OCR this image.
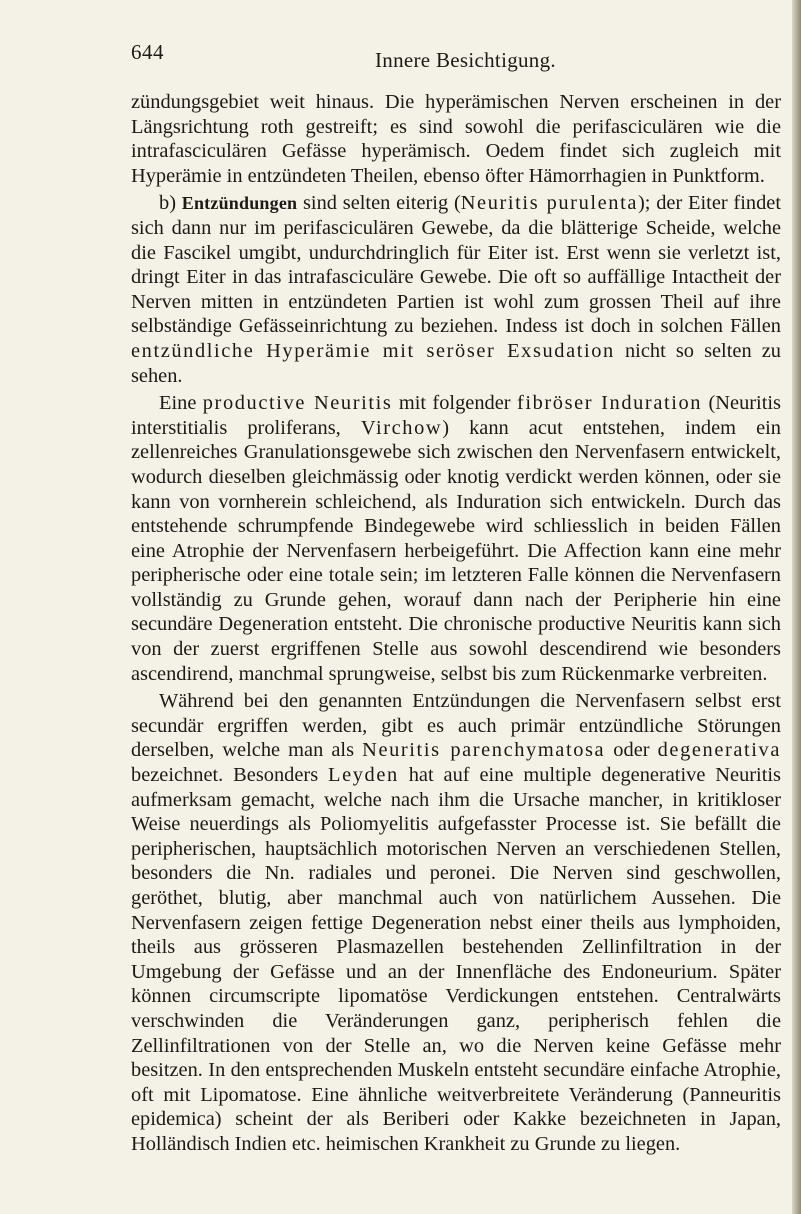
644	Innere Besichtigung.

zündungsgebiet weit hinaus. Die hyperämischen Nerven erscheinen in der Längsrichtung roth gestreift; es sind sowohl die perifasciculären wie die intrafasciculären Gefässe hyperämisch. Oedem findet sich zugleich mit Hyperämie in entzündeten Theilen, ebenso öfter Hämorrhagien in Punktform.

b) Entzündungen sind selten eiterig (Neuritis purulenta); der Eiter findet sich dann nur im perifasciculären Gewebe, da die blätterige Scheide, welche die Fascikel umgibt, undurchdringlich für Eiter ist. Erst wenn sie verletzt ist, dringt Eiter in das intrafasciculäre Gewebe. Die oft so auffällige Intactheit der Nerven mitten in entzündeten Partien ist wohl zum grossen Theil auf ihre selbständige Gefässeinrichtung zu beziehen. Indess ist doch in solchen Fällen entzündliche Hyperämie mit seröser Exsudation nicht so selten zu sehen.

Eine productive Neuritis mit folgender fibröser Induration (Neuritis interstitialis proliferans, Virchow) kann acut entstehen, indem ein zellenreiches Granulationsgewebe sich zwischen den Nervenfasern entwickelt, wodurch dieselben gleichmässig oder knotig verdickt werden können, oder sie kann von vornherein schleichend, als Induration sich entwickeln. Durch das entstehende schrumpfende Bindegewebe wird schliesslich in beiden Fällen eine Atrophie der Nervenfasern herbeigeführt. Die Affection kann eine mehr peripherische oder eine totale sein; im letzteren Falle können die Nervenfasern vollständig zu Grunde gehen, worauf dann nach der Peripherie hin eine secundäre Degeneration entsteht. Die chronische productive Neuritis kann sich von der zuerst ergriffenen Stelle aus sowohl descendirend wie besonders ascendirend, manchmal sprungweise, selbst bis zum Rückenmarke verbreiten.

Während bei den genannten Entzündungen die Nervenfasern selbst erst secundär ergriffen werden, gibt es auch primär entzündliche Störungen derselben, welche man als Neuritis parenchymatosa oder degenerativa bezeichnet. Besonders Leyden hat auf eine multiple degenerative Neuritis aufmerksam gemacht, welche nach ihm die Ursache mancher, in kritikloser Weise neuerdings als Poliomyelitis aufgefasster Processe ist. Sie befällt die peripherischen, hauptsächlich motorischen Nerven an verschiedenen Stellen, besonders die Nn. radiales und peronei. Die Nerven sind geschwollen, geröthet, blutig, aber manchmal auch von natürlichem Aussehen. Die Nervenfasern zeigen fettige Degeneration nebst einer theils aus lymphoiden, theils aus grösseren Plasmazellen bestehenden Zellinfiltration in der Umgebung der Gefässe und an der Innenfläche des Endoneurium. Später können circumscripte lipomatöse Verdickungen entstehen. Centralwärts verschwinden die Veränderungen ganz, peripherisch fehlen die Zellinfiltrationen von der Stelle an, wo die Nerven keine Gefässe mehr besitzen. In den entsprechenden Muskeln entsteht secundäre einfache Atrophie, oft mit Lipomatose. Eine ähnliche weitverbreitete Veränderung (Panneuritis epidemica) scheint der als Beriberi oder Kakke bezeichneten in Japan, Holländisch Indien etc. heimischen Krankheit zu Grunde zu liegen.
